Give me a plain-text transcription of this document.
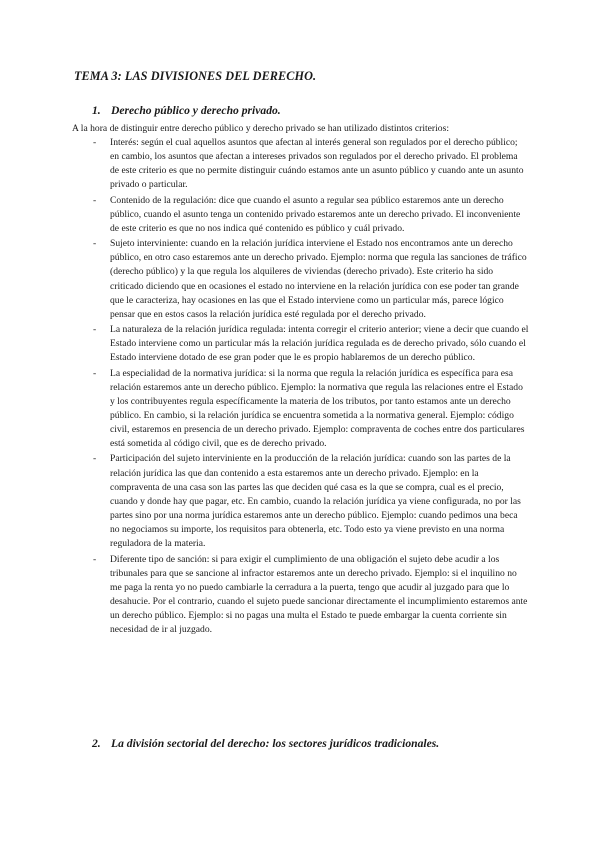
TEMA 3: LAS DIVISIONES DEL DERECHO.
1. Derecho público y derecho privado.

A la hora de distinguir entre derecho público y derecho privado se han utilizado distintos criterios:

- Interés: según el cual aquellos asuntos que afectan al interés general son regulados por el derecho público; en cambio, los asuntos que afectan a intereses privados son regulados por el derecho privado. El problema de este criterio es que no permite distinguir cuándo estamos ante un asunto público y cuando ante un asunto privado o particular.
- Contenido de la regulación: dice que cuando el asunto a regular sea público estaremos ante un derecho público, cuando el asunto tenga un contenido privado estaremos ante un derecho privado. El inconveniente de este criterio es que no nos indica qué contenido es público y cuál privado.
- Sujeto interviniente: cuando en la relación jurídica interviene el Estado nos encontramos ante un derecho público, en otro caso estaremos ante un derecho privado. Ejemplo: norma que regula las sanciones de tráfico (derecho público) y la que regula los alquileres de viviendas (derecho privado). Este criterio ha sido criticado diciendo que en ocasiones el estado no interviene en la relación jurídica con ese poder tan grande que le caracteriza, hay ocasiones en las que el Estado interviene como un particular más, parece lógico pensar que en estos casos la relación jurídica esté regulada por el derecho privado.
- La naturaleza de la relación jurídica regulada: intenta corregir el criterio anterior; viene a decir que cuando el Estado interviene como un particular más la relación jurídica regulada es de derecho privado, sólo cuando el Estado interviene dotado de ese gran poder que le es propio hablaremos de un derecho público.
- La especialidad de la normativa jurídica: si la norma que regula la relación jurídica es específica para esa relación estaremos ante un derecho público. Ejemplo: la normativa que regula las relaciones entre el Estado y los contribuyentes regula específicamente la materia de los tributos, por tanto estamos ante un derecho público. En cambio, si la relación jurídica se encuentra sometida a la normativa general. Ejemplo: código civil, estaremos en presencia de un derecho privado. Ejemplo: compraventa de coches entre dos particulares está sometida al código civil, que es de derecho privado.
- Participación del sujeto interviniente en la producción de la relación jurídica: cuando son las partes de la relación jurídica las que dan contenido a esta estaremos ante un derecho privado. Ejemplo: en la compraventa de una casa son las partes las que deciden qué casa es la que se compra, cual es el precio, cuando y donde hay que pagar, etc. En cambio, cuando la relación jurídica ya viene configurada, no por las partes sino por una norma jurídica estaremos ante un derecho público. Ejemplo: cuando pedimos una beca no negociamos su importe, los requisitos para obtenerla, etc. Todo esto ya viene previsto en una norma reguladora de la materia.
- Diferente tipo de sanción: si para exigir el cumplimiento de una obligación el sujeto debe acudir a los tribunales para que se sancione al infractor estaremos ante un derecho privado. Ejemplo: si el inquilino no me paga la renta yo no puedo cambiarle la cerradura a la puerta, tengo que acudir al juzgado para que lo desahucie. Por el contrario, cuando el sujeto puede sancionar directamente el incumplimiento estaremos ante un derecho público. Ejemplo: si no pagas una multa el Estado te puede embargar la cuenta corriente sin necesidad de ir al juzgado.
2. La división sectorial del derecho: los sectores jurídicos tradicionales.
